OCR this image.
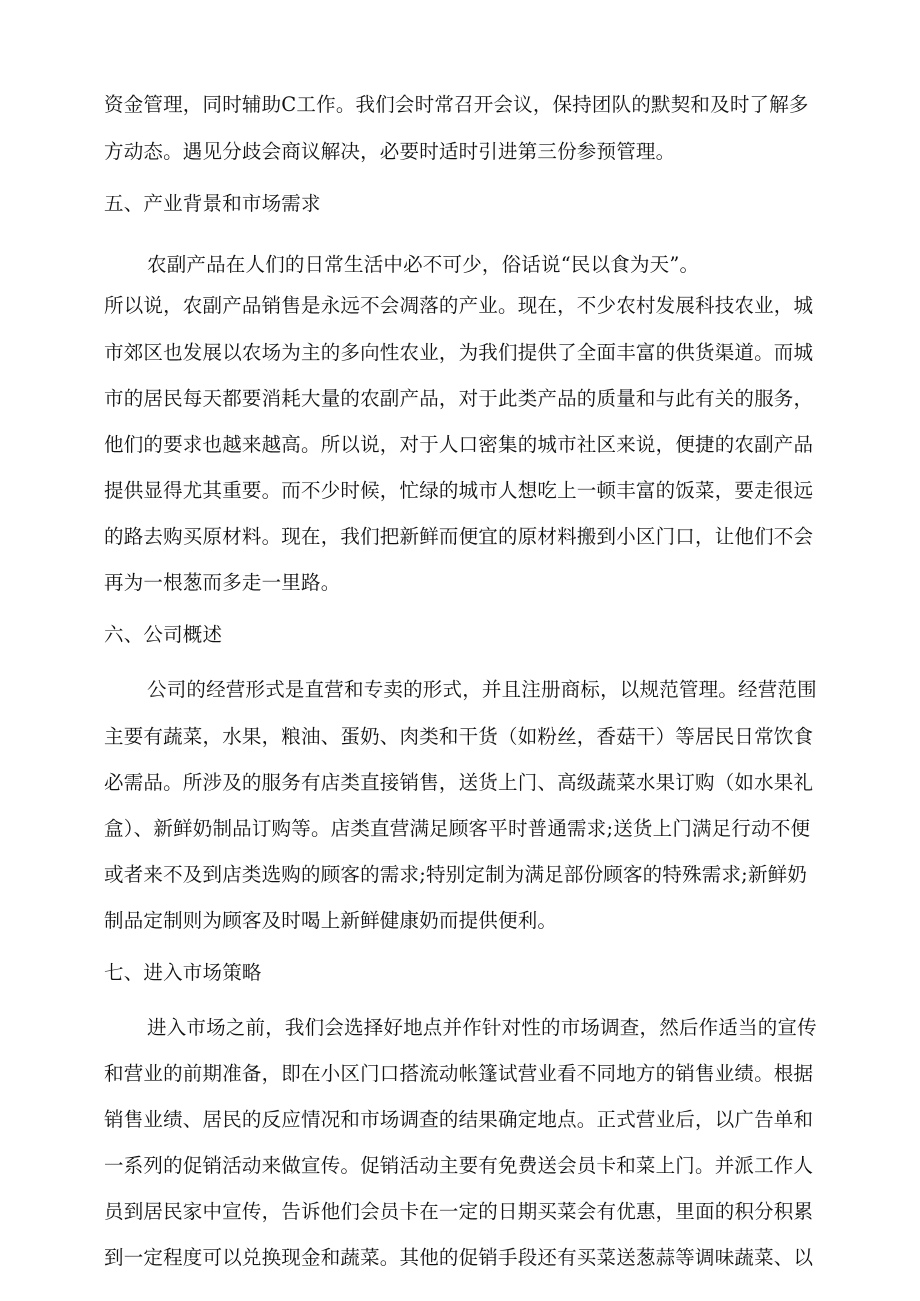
资金管理，同时辅助C工作。我们会时常召开会议，保持团队的默契和及时了解多
方动态。遇见分歧会商议解决，必要时适时引进第三份参预管理。
五、产业背景和市场需求
农副产品在人们的日常生活中必不可少，俗话说“民以食为天”。
所以说，农副产品销售是永远不会凋落的产业。现在，不少农村发展科技农业，城
市郊区也发展以农场为主的多向性农业，为我们提供了全面丰富的供货渠道。而城
市的居民每天都要消耗大量的农副产品，对于此类产品的质量和与此有关的服务，
他们的要求也越来越高。所以说，对于人口密集的城市社区来说，便捷的农副产品
提供显得尤其重要。而不少时候，忙绿的城市人想吃上一顿丰富的饭菜，要走很远
的路去购买原材料。现在，我们把新鲜而便宜的原材料搬到小区门口，让他们不会
再为一根葱而多走一里路。
六、公司概述
公司的经营形式是直营和专卖的形式，并且注册商标，以规范管理。经营范围
主要有蔬菜，水果，粮油、蛋奶、肉类和干货（如粉丝，香菇干）等居民日常饮食
必需品。所涉及的服务有店类直接销售，送货上门、高级蔬菜水果订购（如水果礼
盒）、新鲜奶制品订购等。店类直营满足顾客平时普通需求;送货上门满足行动不便
或者来不及到店类选购的顾客的需求;特别定制为满足部份顾客的特殊需求;新鲜奶
制品定制则为顾客及时喝上新鲜健康奶而提供便利。
七、进入市场策略
进入市场之前，我们会选择好地点并作针对性的市场调查，然后作适当的宣传
和营业的前期准备，即在小区门口搭流动帐篷试营业看不同地方的销售业绩。根据
销售业绩、居民的反应情况和市场调查的结果确定地点。正式营业后，以广告单和
一系列的促销活动来做宣传。促销活动主要有免费送会员卡和菜上门。并派工作人
员到居民家中宣传，告诉他们会员卡在一定的日期买菜会有优惠，里面的积分积累
到一定程度可以兑换现金和蔬菜。其他的促销手段还有买菜送葱蒜等调味蔬菜、以
